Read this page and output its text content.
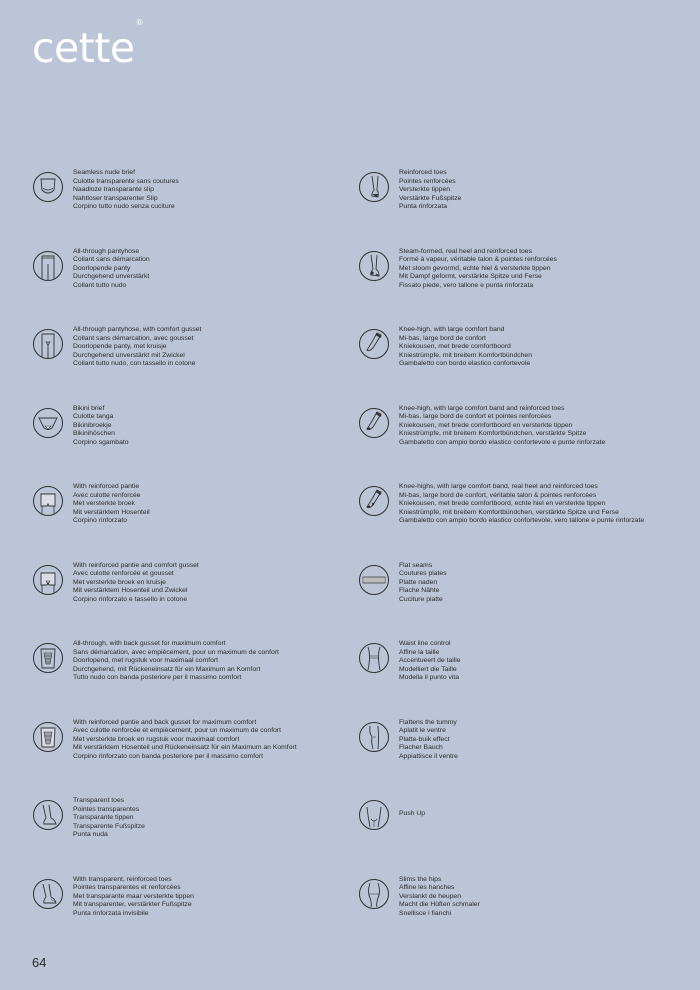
cette®
Seamless nude brief
Culotte transparente sans coutures
Naadloze transparante slip
Nahtloser transparenter Slip
Corpino tutto nudo senza cuciture
All-through pantyhose
Collant sans démarcation
Doorlopende panty
Durchgehend unverstärkt
Collant tutto nudo
All-through pantyhose, with comfort gusset
Collant sans démarcation, avec gousset
Doorlopende panty, met kruisje
Durchgehend unverstärkt mit Zwickel
Collant tutto nudo, con tassello in cotone
Bikini brief
Culotte tanga
Bikinibroekje
Bikinihöschen
Corpino sgambato
With reinforced pantie
Avec culotte renforcée
Met versterkte broek
Mit verstärktem Hosenteil
Corpino rinforzato
With reinforced pantie and comfort gusset
Avec culotte renforcée et gousset
Met versterkte broek en kruisje
Mit verstärktem Hosenteil und Zwickel
Corpino rinforzato e tassello in cotone
All-through, with back gusset for maximum comfort
Sans démarcation, avec empiècement, pour un maximum de confort
Doorlopend, met rugstuk voor maximaal comfort
Durchgehend, mit Rückeneinsatz für ein Maximum an Komfort
Tutto nudo con banda posteriore per il massimo comfort
With reinforced pantie and back gusset for maximum comfort
Avec culotte renforcée et empiècement, pour un maximum de confort
Met versterkte broek en rugstuk voor maximaal comfort
Mit verstärktem Hosenteil und Rückeneinsatz für ein Maximum an Komfort
Corpino rinforzato con banda posteriore per il massimo comfort
Transparent toes
Pointes transparentes
Transparante tippen
Transparente Fußspitze
Punta nuda
With transparent, reinforced toes
Pointes transparentes et renforcées
Met transparante maar versterkte tippen
Mit transparenter, verstärkter Fußspitze
Punta rinforzata invisibile
Reinforced toes
Pointes renforcées
Versterkte tippen
Verstärkte Fußspitze
Punta rinforzata
Steam-formed, real heel and reinforced toes
Formé à vapeur, véritable talon & pointes renforcées
Met stoom gevormd, echte hiel & versterkte tippen
Mit Dampf geformt, verstärkte Spitze und Ferse
Fissato piede, vero tallone e punta rinforzata
Knee-high, with large comfort band
Mi-bas, large bord de confort
Kniekousen, met brede comfortboord
Kniestrümpfe, mit breitem Komfortbündchen
Gambaletto con bordo elastico confortevole
Knee-high, with large comfort band and reinforced toes
Mi-bas, large bord de confort et pointes renforcées
Kniekousen, met brede comfortboord en versterkte tippen
Kniestrümpfe, mit breitem Komfortbündchen, verstärkte Spitze
Gambaletto con ampio bordo elastico confortevole e punte rinforzate
Knee-highs, with large comfort band, real heel and reinforced toes
Mi-bas, large bord de confort, véritable talon & pointes renforcées
Kniekousen, met brede comfortboord, echte hiel en versterkte tippen
Kniestrümpfe, mit breitem Komfortbündchen, verstärkte Spitze und Ferse
Gambaletto con ampio bordo elastico confortevole, vero tallone e punte rinforzate
Flat seams
Coutures plates
Platte naden
Flache Nähte
Cuciture piatte
Waist line control
Affine la taille
Accentueert de taille
Modelliert die Taille
Modella il punto vita
Flattens the tummy
Aplatit le ventre
Platte-buik effect
Flacher Bauch
Appiattisce il ventre
Push Up
Slims the hips
Affine les hanches
Verslankt de heupen
Macht die Hüften schmaler
Snellisce i fianchi
64
